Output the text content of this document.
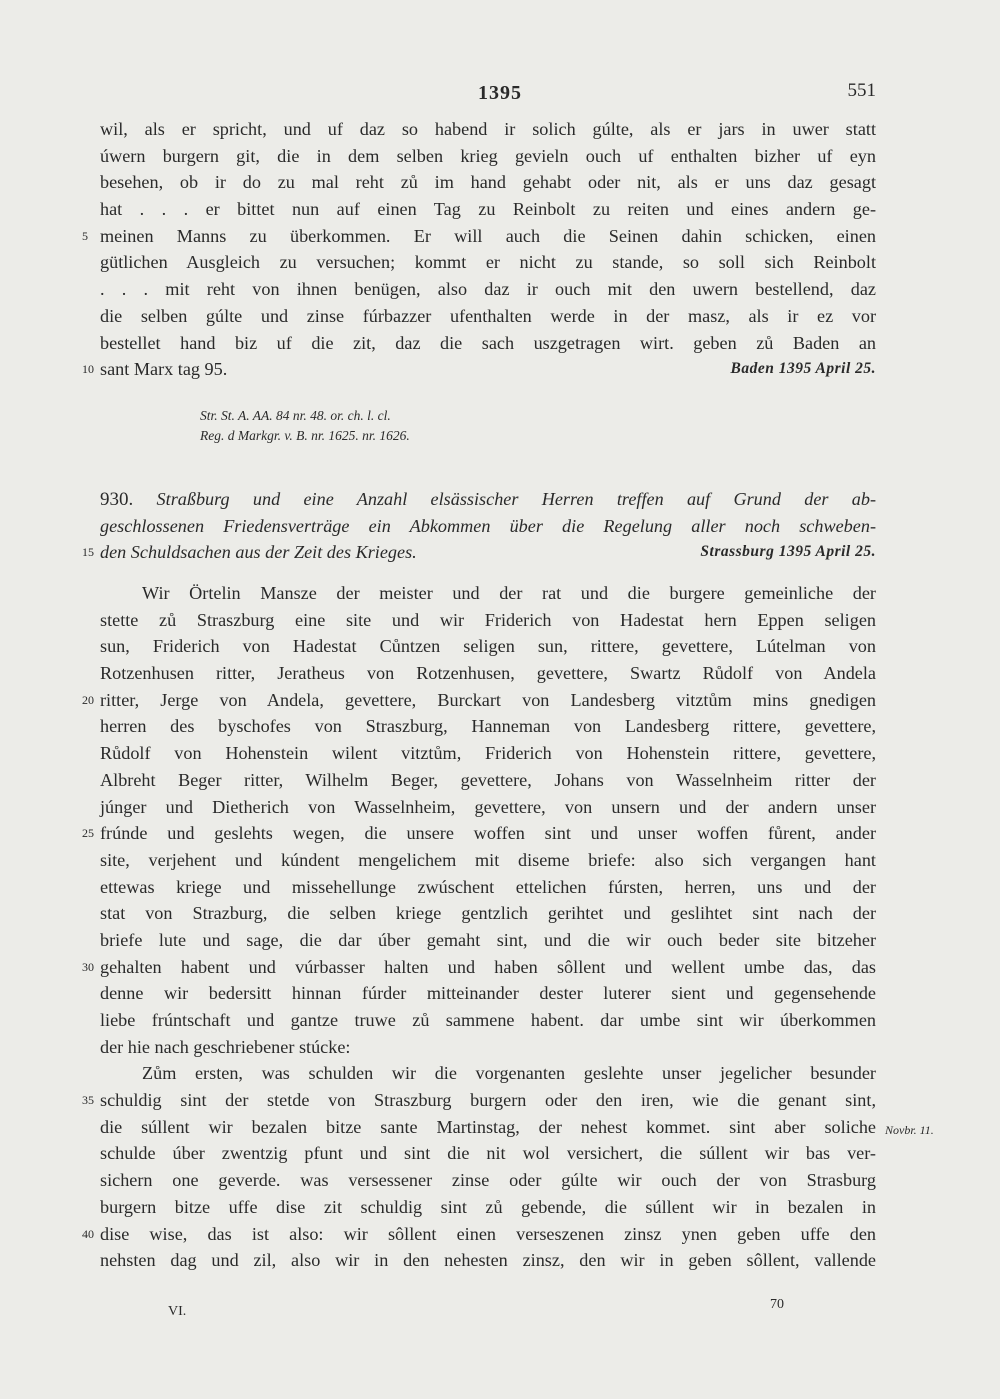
1395	551
wil, als er spricht, und uf daz so habend ir solich gúlte, als er jars in uwer statt
úwern burgern git, die in dem selben krieg gevieln ouch uf enthalten bizher uf eyn
besehen, ob ir do zu mal reht zů im hand gehabt oder nit, als er uns daz gesagt
hat . . . er bittet nun auf einen Tag zu Reinbolt zu reiten und eines andern ge-
5 meinen Manns zu überkommen. Er will auch die Seinen dahin schicken, einen
gütlichen Ausgleich zu versuchen; kommt er nicht zu stande, so soll sich Reinbolt
. . . mit reht von ihnen benügen, also daz ir ouch mit den uwern bestellend, daz
die selben gúlte und zinse fúrbazzer ufenthalten werde in der masz, als ir ez vor
bestellet hand biz uf die zit, daz die sach uszgetragen wirt. geben zů Baden an
10 sant Marx tag 95.	Baden 1395 April 25.
Str. St. A. AA. 84 nr. 48. or. ch. l. cl.
Reg. d Markgr. v. B. nr. 1625. nr. 1626.
930. Straßburg und eine Anzahl elsässischer Herren treffen auf Grund der ab-
geschlossenen Friedensverträge ein Abkommen über die Regelung aller noch schweben-
15 den Schuldsachen aus der Zeit des Krieges.	Strassburg 1395 April 25.
Wir Örtelin Mansze der meister und der rat und die burgere gemeinliche der
stette zů Straszburg eine site und wir Friderich von Hadestat hern Eppen seligen
sun, Friderich von Hadestat Cůntzen seligen sun, rittere, gevettere, Lútelman von
Rotzenhusen ritter, Jeratheus von Rotzenhusen, gevettere, Swartz Růdolf von Andela
20 ritter, Jerge von Andela, gevettere, Burckart von Landesberg vitztům mins gnedigen
herren des byschofes von Straszburg, Hanneman von Landesberg rittere, gevettere,
Růdolf von Hohenstein wilent vitztům, Friderich von Hohenstein rittere, gevettere,
Albreht Beger ritter, Wilhelm Beger, gevettere, Johans von Wasselnheim ritter der
júnger und Dietherich von Wasselnheim, gevettere, von unsern und der andern unser
25 frúnde und geslehts wegen, die unsere woffen sint und unser woffen fůrent, ander
site, verjehent und kúndent mengelichem mit diseme briefe: also sich vergangen hant
ettewas kriege und missehellunge zwúschent ettelichen fúrsten, herren, uns und der
stat von Strazburg, die selben kriege gentzlich gerihtet und geslihtet sint nach der
briefe lute und sage, die dar úber gemaht sint, und die wir ouch beder site bitzeher
30 gehalten habent und vúrbasser halten und haben sôllent und wellent umbe das, das
denne wir bedersitt hinnan fúrder mitteinander dester luterer sient und gegensehende
liebe frúntschaft und gantze truwe zů sammene habent. dar umbe sint wir úberkommen
der hie nach geschriebener stúcke:
Zům ersten, was schulden wir die vorgenanten geslehte unser jegelicher besunder
35 schuldig sint der stetde von Straszburg burgern oder den iren, wie die genant sint,
die súllent wir bezalen bitze sante Martinstag, der nehest kommet. sint aber soliche
schulde úber zwentzig pfunt und sint die nit wol versichert, die súllent wir bas ver-
sichern one geverde. was versessener zinse oder gúlte wir ouch der von Strasburg
burgern bitze uffe dise zit schuldig sint zů gebende, die súllent wir in bezalen in
40 dise wise, das ist also: wir sôllent einen verseszenen zinsz ynen geben uffe den
nehsten dag und zil, also wir in den nehesten zinsz, den wir in geben sôllent, vallende
Novbr. 11.
VI.	70
